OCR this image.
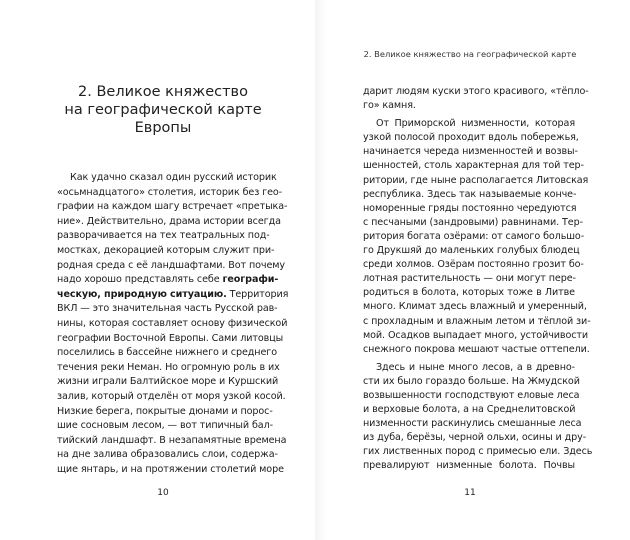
2. Великое княжество
на географической карте Европы
Как удачно сказал один русский историк
«осьмнадцатого» столетия, историк без гео-
графии на каждом шагу встречает «претыка-
ние». Действительно, драма истории всегда
разворачивается на тех театральных под-
мостках, декорацией которым служит при-
родная среда с её ландшафтами. Вот почему
надо хорошо представлять себе географи-
ческую, природную ситуацию. Территория
ВКЛ — это значительная часть Русской рав-
нины, которая составляет основу физической
географии Восточной Европы. Сами литовцы
поселились в бассейне нижнего и среднего
течения реки Неман. Но огромную роль в их
жизни играли Балтийское море и Куршский
залив, который отделён от моря узкой косой.
Низкие берега, покрытые дюнами и порос-
шие сосновым лесом, — вот типичный бал-
тийский ландшафт. В незапамятные времена
на дне залива образовались слои, содержа-
щие янтарь, и на протяжении столетий море
10
2. Великое княжество на географической карте
дарит людям куски этого красивого, «тёпло-
го» камня.
От Приморской низменности, которая
узкой полосой проходит вдоль побережья,
начинается череда низменностей и возвы-
шенностей, столь характерная для той тер-
ритории, где ныне располагается Литовская
республика. Здесь так называемые конче-
номоренные гряды постоянно чередуются
с песчаными (зандровыми) равнинами. Тер-
ритория богата озёрами: от самого большо-
го Друкшяй до маленьких голубых блюдец
среди холмов. Озёрам постоянно грозит бо-
лотная растительность — они могут пере-
родиться в болота, которых тоже в Литве
много. Климат здесь влажный и умеренный,
с прохладным и влажным летом и тёплой зи-
мой. Осадков выпадает много, устойчивости
снежного покрова мешают частые оттепели.
Здесь и ныне много лесов, а в древно-
сти их было гораздо больше. На Жмудской
возвышенности господствуют еловые леса
и верховые болота, а на Среднелитовской
низменности раскинулись смешанные леса
из дуба, берёзы, черной ольхи, осины и дру-
гих лиственных пород с примесью ели. Здесь
превалируют низменные болота. Почвы
11
